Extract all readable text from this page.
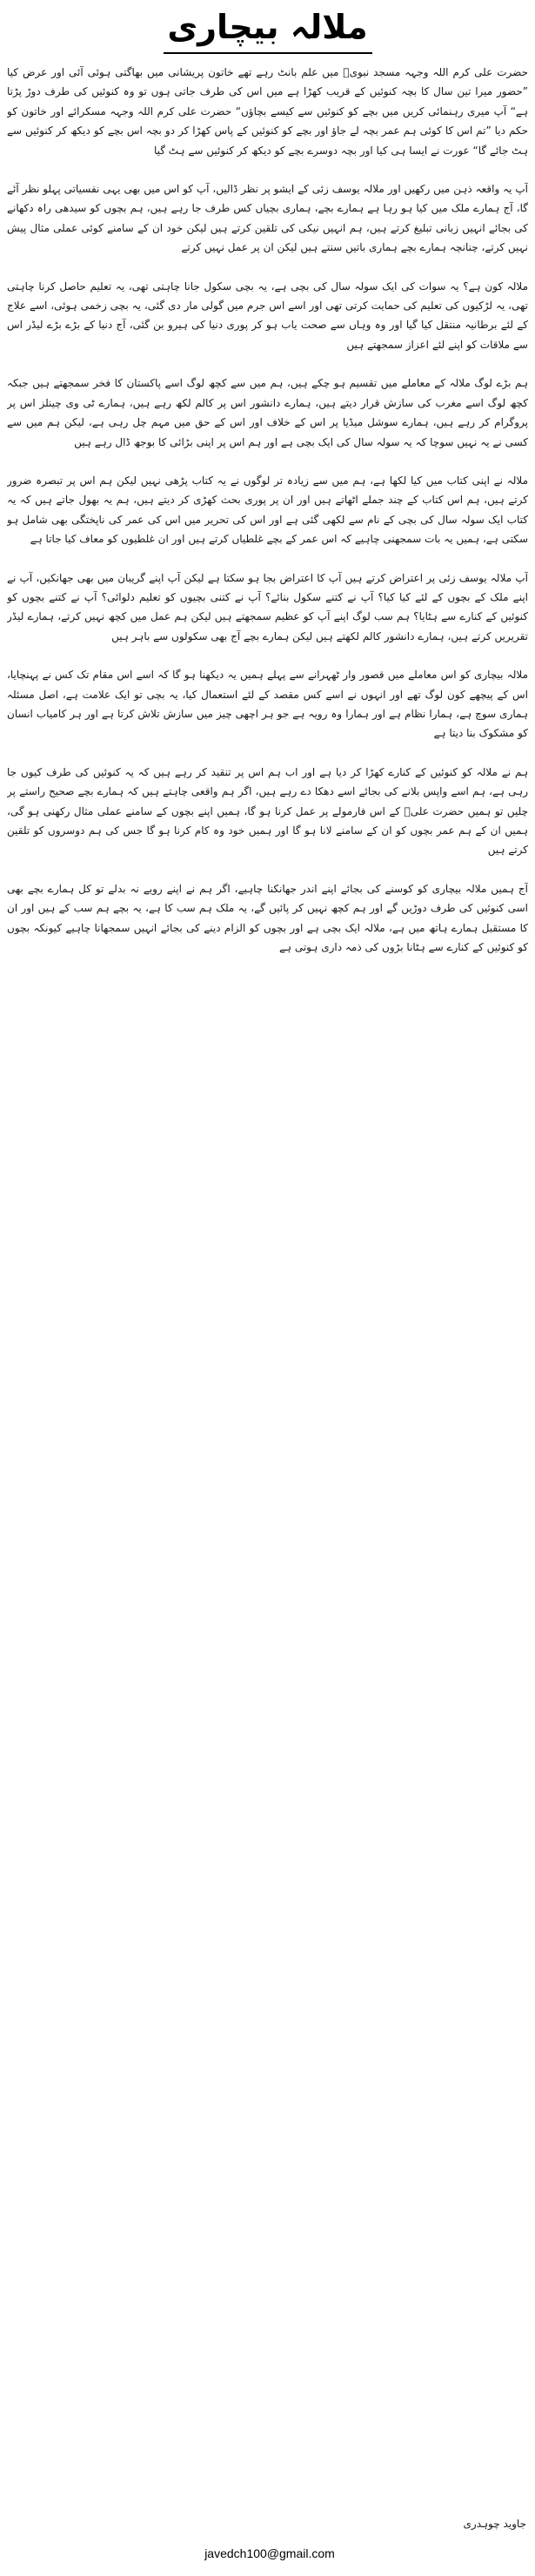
ملالہ بیچاری

حضرت علی کرم اللہ وجہہ مسجد نبویؐ میں علم بانٹ رہے تھے خاتون پریشانی میں بھاگتی ہوئی آئی اور عرض کیا ”حضور میرا تین سال کا بچہ کنوئیں کے قریب کھڑا ہے میں اس کی طرف جاتی ہوں تو وہ کنوئیں کی طرف دوڑ پڑتا ہے“ آپ میری رہنمائی کریں میں بچے کو کنوئیں سے کیسے بچاؤں“ حضرت علی کرم اللہ وجہہ مسکرائے اور خاتون کو حکم دیا ”تم اس کا کوئی ہم عمر بچہ لے جاؤ اور بچے کو کنوئیں کے پاس کھڑا کر دو بچہ اس بچے کو دیکھ کر کنوئیں سے ہٹ جائے گا“ عورت نے ایسا ہی کیا اور بچہ دوسرے بچے کو دیکھ کر کنوئیں سے ہٹ گیا

آپ یہ واقعہ ذہن میں رکھیں اور ملالہ یوسف زئی کے ایشو پر نظر ڈالیں، آپ کو اس میں بھی یہی نفسیاتی پہلو نظر آئے گا، آج ہمارے ملک میں کیا ہو رہا ہے ہمارے بچے، ہماری بچیاں کس طرف جا رہے ہیں، ہم بچوں کو سیدھی راہ دکھانے کی بجائے انہیں زبانی تبلیغ کرتے ہیں، ہم انہیں نیکی کی تلقین کرتے ہیں لیکن خود ان کے سامنے کوئی عملی مثال پیش نہیں کرتے، چنانچہ ہمارے بچے ہماری باتیں سنتے ہیں لیکن ان پر عمل نہیں کرتے

ملالہ کون ہے؟ یہ سوات کی ایک سولہ سال کی بچی ہے، یہ بچی سکول جانا چاہتی تھی، یہ تعلیم حاصل کرنا چاہتی تھی، یہ لڑکیوں کی تعلیم کی حمایت کرتی تھی اور اسے اس جرم میں گولی مار دی گئی، یہ بچی زخمی ہوئی، اسے علاج کے لئے برطانیہ منتقل کیا گیا اور وہ وہاں سے صحت یاب ہو کر پوری دنیا کی ہیرو بن گئی، آج دنیا کے بڑے بڑے لیڈر اس سے ملاقات کو اپنے لئے اعزاز سمجھتے ہیں

ہم بڑے لوگ ملالہ کے معاملے میں تقسیم ہو چکے ہیں، ہم میں سے کچھ لوگ اسے پاکستان کا فخر سمجھتے ہیں جبکہ کچھ لوگ اسے مغرب کی سازش قرار دیتے ہیں، ہمارے دانشور اس پر کالم لکھ رہے ہیں، ہمارے ٹی وی چینلز اس پر پروگرام کر رہے ہیں، ہمارے سوشل میڈیا پر اس کے خلاف اور اس کے حق میں مہم چل رہی ہے، لیکن ہم میں سے کسی نے یہ نہیں سوچا کہ یہ سولہ سال کی ایک بچی ہے اور ہم اس پر اپنی بڑائی کا بوجھ ڈال رہے ہیں

ملالہ نے اپنی کتاب میں کیا لکھا ہے، ہم میں سے زیادہ تر لوگوں نے یہ کتاب پڑھی نہیں لیکن ہم اس پر تبصرہ ضرور کرتے ہیں، ہم اس کتاب کے چند جملے اٹھاتے ہیں اور ان پر پوری بحث کھڑی کر دیتے ہیں، ہم یہ بھول جاتے ہیں کہ یہ کتاب ایک سولہ سال کی بچی کے نام سے لکھی گئی ہے اور اس کی تحریر میں اس کی عمر کی ناپختگی بھی شامل ہو سکتی ہے، ہمیں یہ بات سمجھنی چاہیے کہ اس عمر کے بچے غلطیاں کرتے ہیں اور ان غلطیوں کو معاف کیا جاتا ہے

آپ ملالہ یوسف زئی پر اعتراض کرتے ہیں آپ کا اعتراض بجا ہو سکتا ہے لیکن آپ اپنے گریبان میں بھی جھانکیں، آپ نے اپنے ملک کے بچوں کے لئے کیا کیا؟ آپ نے کتنے سکول بنائے؟ آپ نے کتنی بچیوں کو تعلیم دلوائی؟ آپ نے کتنے بچوں کو کنوئیں کے کنارے سے ہٹایا؟ ہم سب لوگ اپنے آپ کو عظیم سمجھتے ہیں لیکن ہم عمل میں کچھ نہیں کرتے، ہمارے لیڈر تقریریں کرتے ہیں، ہمارے دانشور کالم لکھتے ہیں لیکن ہمارے بچے آج بھی سکولوں سے باہر ہیں

ملالہ بیچاری کو اس معاملے میں قصور وار ٹھہرانے سے پہلے ہمیں یہ دیکھنا ہو گا کہ اسے اس مقام تک کس نے پہنچایا، اس کے پیچھے کون لوگ تھے اور انہوں نے اسے کس مقصد کے لئے استعمال کیا، یہ بچی تو ایک علامت ہے، اصل مسئلہ ہماری سوچ ہے، ہمارا نظام ہے اور ہمارا وہ رویہ ہے جو ہر اچھی چیز میں سازش تلاش کرتا ہے اور ہر کامیاب انسان کو مشکوک بنا دیتا ہے

ہم نے ملالہ کو کنوئیں کے کنارے کھڑا کر دیا ہے اور اب ہم اس پر تنقید کر رہے ہیں کہ یہ کنوئیں کی طرف کیوں جا رہی ہے، ہم اسے واپس بلانے کی بجائے اسے دھکا دے رہے ہیں، اگر ہم واقعی چاہتے ہیں کہ ہمارے بچے صحیح راستے پر چلیں تو ہمیں حضرت علیؓ کے اس فارمولے پر عمل کرنا ہو گا، ہمیں اپنے بچوں کے سامنے عملی مثال رکھنی ہو گی، ہمیں ان کے ہم عمر بچوں کو ان کے سامنے لانا ہو گا اور ہمیں خود وہ کام کرنا ہو گا جس کی ہم دوسروں کو تلقین کرتے ہیں

آج ہمیں ملالہ بیچاری کو کوسنے کی بجائے اپنے اندر جھانکنا چاہیے، اگر ہم نے اپنے رویے نہ بدلے تو کل ہمارے بچے بھی اسی کنوئیں کی طرف دوڑیں گے اور ہم کچھ نہیں کر پائیں گے، یہ ملک ہم سب کا ہے، یہ بچے ہم سب کے ہیں اور ان کا مستقبل ہمارے ہاتھ میں ہے، ملالہ ایک بچی ہے اور بچوں کو الزام دینے کی بجائے انہیں سمجھانا چاہیے کیونکہ بچوں کو کنوئیں کے کنارے سے ہٹانا بڑوں کی ذمہ داری ہوتی ہے

جاوید چوہدری
javedch100@gmail.com
